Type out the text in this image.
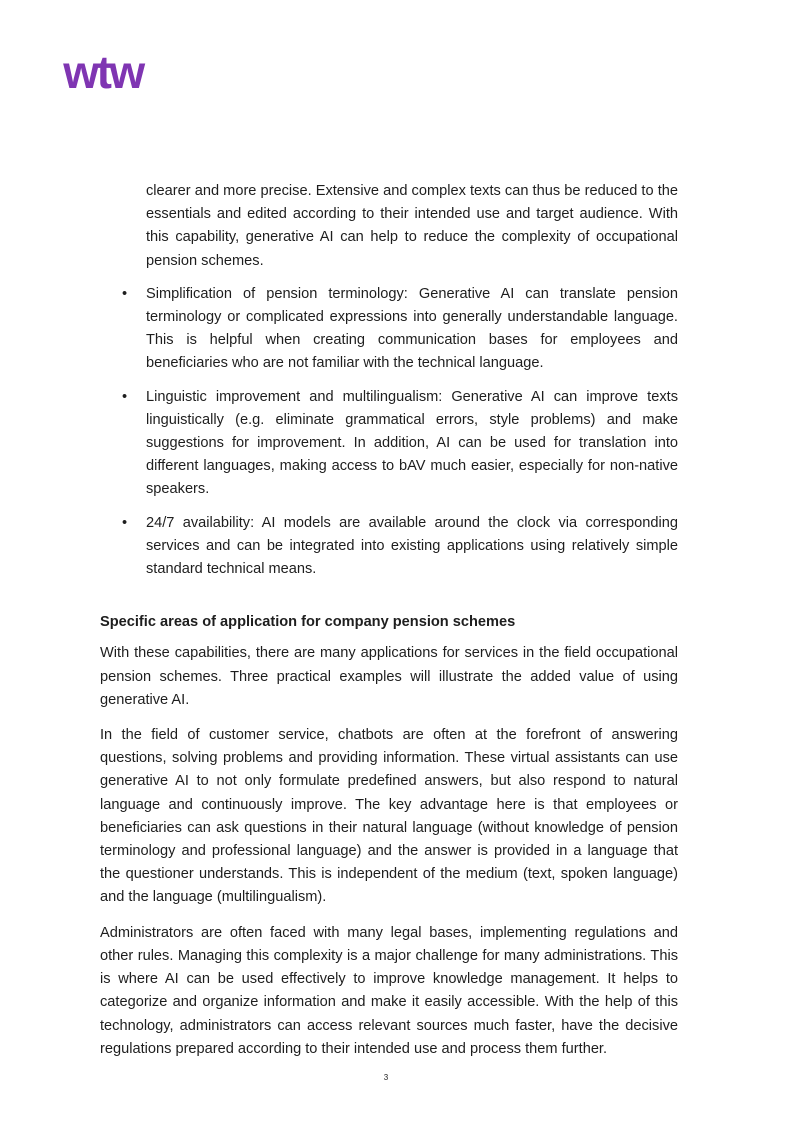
wtw

clearer and more precise. Extensive and complex texts can thus be reduced to the essentials and edited according to their intended use and target audience. With this capability, generative AI can help to reduce the complexity of occupational pension schemes.

•	Simplification of pension terminology: Generative AI can translate pension terminology or complicated expressions into generally understandable language. This is helpful when creating communication bases for employees and beneficiaries who are not familiar with the technical language.
•	Linguistic improvement and multilingualism: Generative AI can improve texts linguistically (e.g. eliminate grammatical errors, style problems) and make suggestions for improvement. In addition, AI can be used for translation into different languages, making access to bAV much easier, especially for non-native speakers.
•	24/7 availability: AI models are available around the clock via corresponding services and can be integrated into existing applications using relatively simple standard technical means.
Specific areas of application for company pension schemes

With these capabilities, there are many applications for services in the field occupational pension schemes. Three practical examples will illustrate the added value of using generative AI.

In the field of customer service, chatbots are often at the forefront of answering questions, solving problems and providing information. These virtual assistants can use generative AI to not only formulate predefined answers, but also respond to natural language and continuously improve. The key advantage here is that employees or beneficiaries can ask questions in their natural language (without knowledge of pension terminology and professional language) and the answer is provided in a language that the questioner understands. This is independent of the medium (text, spoken language) and the language (multilingualism).

Administrators are often faced with many legal bases, implementing regulations and other rules. Managing this complexity is a major challenge for many administrations. This is where AI can be used effectively to improve knowledge management. It helps to categorize and organize information and make it easily accessible. With the help of this technology, administrators can access relevant sources much faster, have the decisive regulations prepared according to their intended use and process them further.

3
